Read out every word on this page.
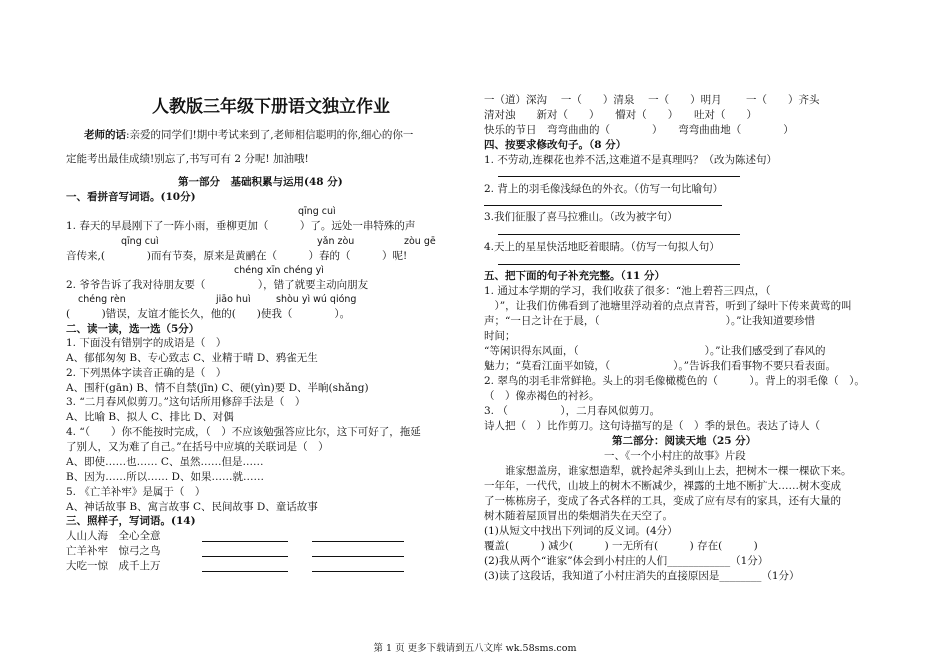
人教版三年级下册语文独立作业
老师的话:亲爱的同学们!期中考试来到了,老师相信聪明的你,细心的你一
定能考出最佳成绩!别忘了,书写可有 2 分呢! 加油哦!
第一部分　基础积累与运用(48 分)
一、看拼音写词语。(10分)
qīng cuì
1. 春天的早晨刚下了一阵小雨，垂柳更加（　　　）了。远处一串特殊的声
qīng cuì	yǎn zòu	zòu gē
音传来,(　　　　)而有节奏，原来是黄鹂在（　　　）春的（　　　）呢!
chéng xīn chéng yì
2. 爷爷告诉了我对待朋友要（　　　　　），错了就要主动向朋友
chéng rèn	jiāo huì	shòu yì wú qióng
(　　　)错误，友谊才能长久，他的(　　)使我（　　　　）。
二、读一读，选一选（5分）
1. 下面没有错别字的成语是（　）
A、郁郁匆匆 B、专心致志 C、业精于晴 D、鸦雀无生
2. 下列黑体字读音正确的是（　）
A、围秆(gān) B、情不自禁(jīn) C、硬(yìn)要 D、半晌(shǎng)
3. “二月春风似剪刀。”这句话所用修辞手法是（　）
A、比喻 B、拟人 C、排比 D、对偶
4. “（　　）你不能按时完成，（　）不应该勉强答应比尔，这下可好了，拖延
了别人，又为难了自己。”在括号中应填的关联词是（　）
A、即使……也…… C、虽然……但是……
B、因为……所以…… D、如果……就……
5. 《亡羊补牢》是属于（　）
A、神话故事 B、寓言故事 C、民间故事 D、童话故事
三、照样子，写词语。(14)
人山人海　全心全意
亡羊补牢　惊弓之鸟
大吃一惊　成千上万
一（道）深沟　 一（　　）清泉　 一（　　）明月　　 一（　　）齐头
清对浊　　新对（　　）　　懵对（　　）　　吐对（　　）
快乐的节日　弯弯曲曲的（　　　　）　　弯弯曲曲地（　　　　）
四、按要求修改句子。（8 分）
1. 不劳动,连稞花也养不活,这难道不是真理吗？（改为陈述句）
2. 背上的羽毛像浅绿色的外衣。（仿写一句比喻句）
3.我们征服了喜马拉雅山。（改为被字句）
4.天上的星星快活地眨着眼睛。（仿写一句拟人句）
五、把下面的句子补充完整。（11 分）
1. 通过本学期的学习，我们收获了很多：“池上碧苔三四点，（　　　　　
　）”，让我们仿佛看到了池塘里浮动着的点点青苔，听到了绿叶下传来黄莺的叫
声；“一日之计在于晨，（　　　　　　　　　　　　）。”让我知道要珍惜
时间；
“等闲识得东风面，（　　　　　　　　　　　　）。”让我们感受到了春风的
魅力；“莫看江面平如镜，（　　　　　　）。”告诉我们看事物不要只看表面。
2. 翠鸟的羽毛非常鲜艳。头上的羽毛像橄榄色的（　　　）。背上的羽毛像（　）。
（　）像赤褐色的衬衫。
3. （　　　　　），二月春风似剪刀。
诗人把（　）比作剪刀。这句诗描写的是（　）季的景色。表达了诗人（　　
第二部分：阅读天地（25 分）
一、《一个小村庄的故事》片段
　　谁家想盖房，谁家想造犁，就拎起斧头到山上去，把树木一棵一棵砍下来。
一年年，一代代，山坡上的树木不断减少，裸露的土地不断扩大……树木变成
了一栋栋房子，变成了各式各样的工具，变成了应有尽有的家具，还有大量的
树木随着屋顶冒出的柴烟消失在天空了。
(1)从短文中找出下列词的反义词。(4分）
覆盖(　　　) 减少(　　　) 一无所有(　　　) 存在(　　　)
(2)我从两个“谁家”体会到小村庄的人们____________（1分）
(3)读了这段话，我知道了小村庄消失的直接原因是________（1分）
第 1 页 更多下载请到五八文库 wk.58sms.com
